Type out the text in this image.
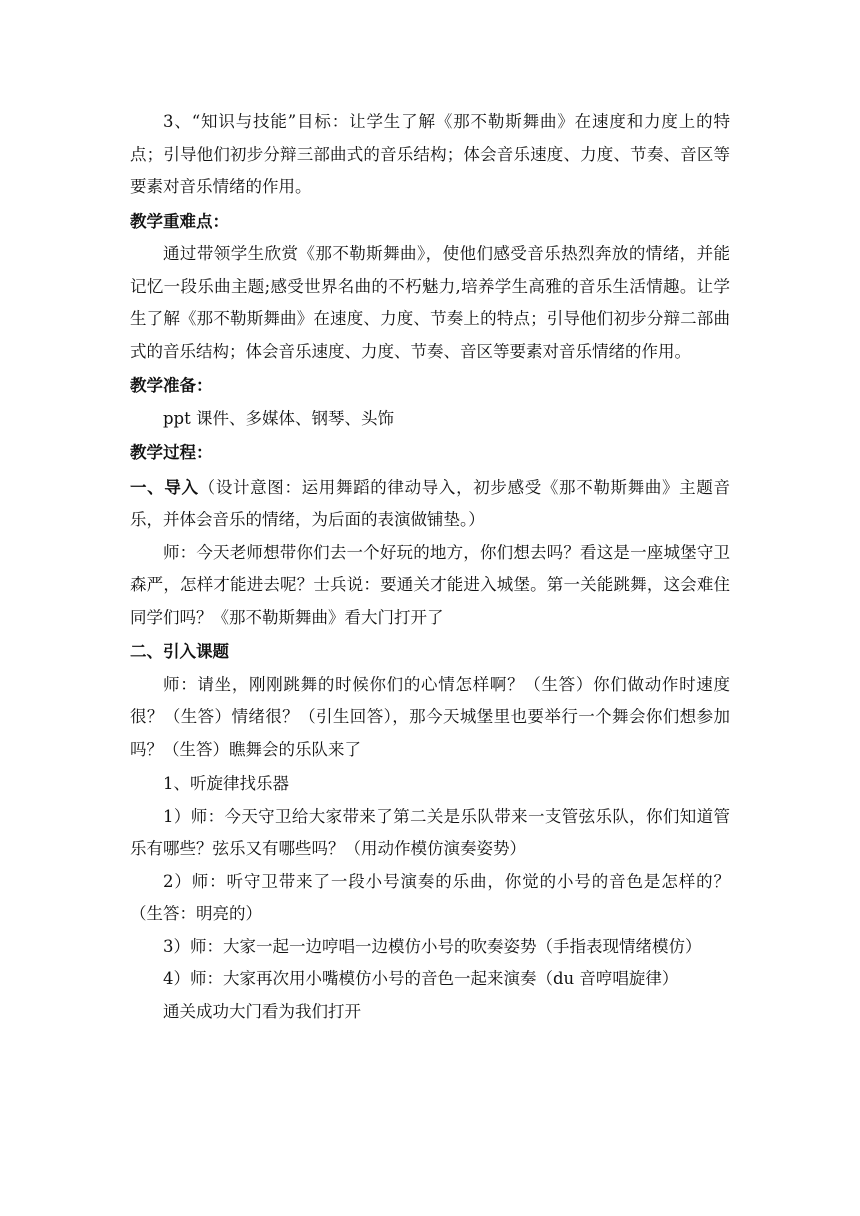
3、“知识与技能”目标：让学生了解《那不勒斯舞曲》在速度和力度上的特点；引导他们初步分辩三部曲式的音乐结构；体会音乐速度、力度、节奏、音区等要素对音乐情绪的作用。

教学重难点：

通过带领学生欣赏《那不勒斯舞曲》，使他们感受音乐热烈奔放的情绪，并能记忆一段乐曲主题;感受世界名曲的不朽魅力,培养学生高雅的音乐生活情趣。让学生了解《那不勒斯舞曲》在速度、力度、节奏上的特点；引导他们初步分辩二部曲式的音乐结构；体会音乐速度、力度、节奏、音区等要素对音乐情绪的作用。

教学准备：

ppt 课件、多媒体、钢琴、头饰

教学过程：

一、导入（设计意图：运用舞蹈的律动导入，初步感受《那不勒斯舞曲》主题音乐，并体会音乐的情绪，为后面的表演做铺垫。）

师：今天老师想带你们去一个好玩的地方，你们想去吗？看这是一座城堡守卫森严，怎样才能进去呢？士兵说：要通关才能进入城堡。第一关能跳舞，这会难住同学们吗？《那不勒斯舞曲》看大门打开了

二、引入课题

师：请坐，刚刚跳舞的时候你们的心情怎样啊？（生答）你们做动作时速度很？（生答）情绪很？（引生回答），那今天城堡里也要举行一个舞会你们想参加吗？（生答）瞧舞会的乐队来了

1、听旋律找乐器

1）师：今天守卫给大家带来了第二关是乐队带来一支管弦乐队，你们知道管乐有哪些？弦乐又有哪些吗？（用动作模仿演奏姿势）

2）师：听守卫带来了一段小号演奏的乐曲，你觉的小号的音色是怎样的？（生答：明亮的）

3）师：大家一起一边哼唱一边模仿小号的吹奏姿势（手指表现情绪模仿）

4）师：大家再次用小嘴模仿小号的音色一起来演奏（du 音哼唱旋律）

通关成功大门看为我们打开
